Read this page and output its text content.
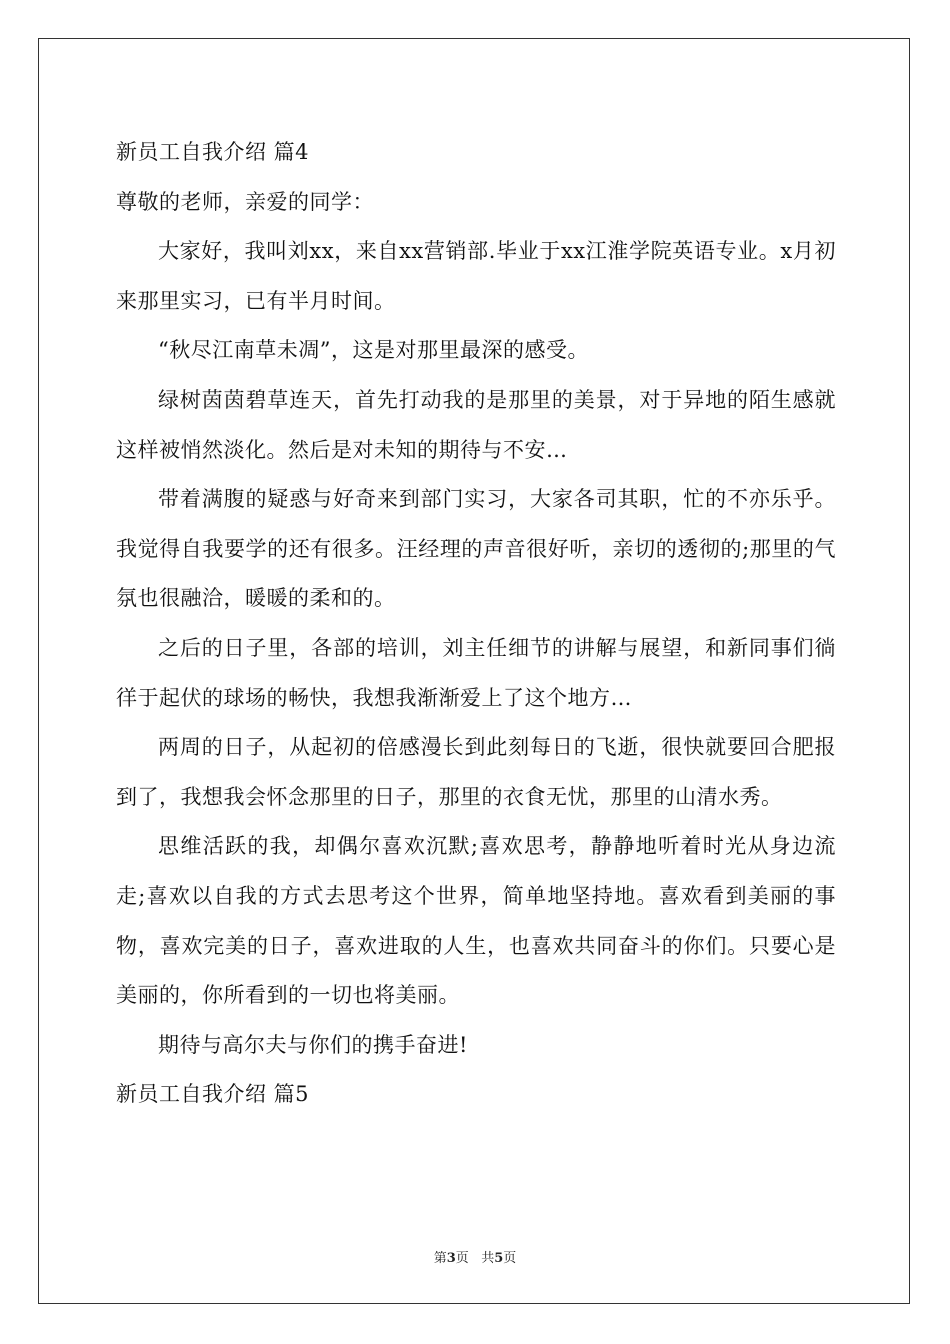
新员工自我介绍 篇4

尊敬的老师，亲爱的同学：

大家好，我叫刘xx，来自xx营销部.毕业于xx江淮学院英语专业。x月初来那里实习，已有半月时间。

“秋尽江南草未凋”，这是对那里最深的感受。

绿树茵茵碧草连天，首先打动我的是那里的美景，对于异地的陌生感就这样被悄然淡化。然后是对未知的期待与不安…

带着满腹的疑惑与好奇来到部门实习，大家各司其职，忙的不亦乐乎。我觉得自我要学的还有很多。汪经理的声音很好听，亲切的透彻的;那里的气氛也很融洽，暖暖的柔和的。

之后的日子里，各部的培训，刘主任细节的讲解与展望，和新同事们徜徉于起伏的球场的畅快，我想我渐渐爱上了这个地方…

两周的日子，从起初的倍感漫长到此刻每日的飞逝，很快就要回合肥报到了，我想我会怀念那里的日子，那里的衣食无忧，那里的山清水秀。

思维活跃的我，却偶尔喜欢沉默;喜欢思考，静静地听着时光从身边流走;喜欢以自我的方式去思考这个世界，简单地坚持地。喜欢看到美丽的事物，喜欢完美的日子，喜欢进取的人生，也喜欢共同奋斗的你们。只要心是美丽的，你所看到的一切也将美丽。

期待与高尔夫与你们的携手奋进!

新员工自我介绍 篇5

第3页 共5页
